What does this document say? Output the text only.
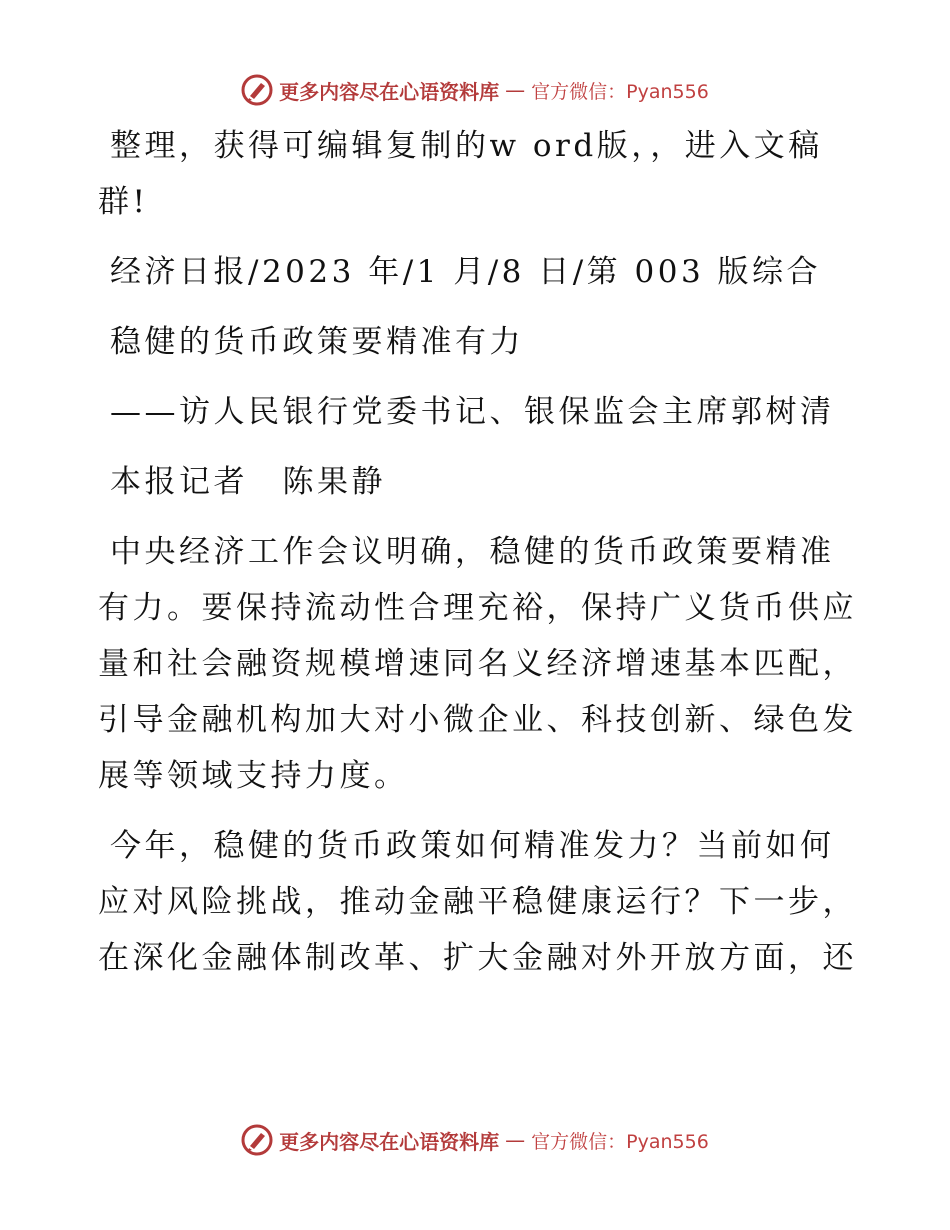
更多内容尽在心语资料库 — 官方微信：Pyan556

整理，获得可编辑复制的w ord版，，进入文稿群!

经济日报/2023 年/1 月/8 日/第 003 版综合

稳健的货币政策要精准有力

——访人民银行党委书记、银保监会主席郭树清

本报记者　陈果静

中央经济工作会议明确，稳健的货币政策要精准有力。要保持流动性合理充裕，保持广义货币供应量和社会融资规模增速同名义经济增速基本匹配，引导金融机构加大对小微企业、科技创新、绿色发展等领域支持力度。

今年，稳健的货币政策如何精准发力？当前如何应对风险挑战，推动金融平稳健康运行？下一步，在深化金融体制改革、扩大金融对外开放方面，还

更多内容尽在心语资料库 — 官方微信：Pyan556
